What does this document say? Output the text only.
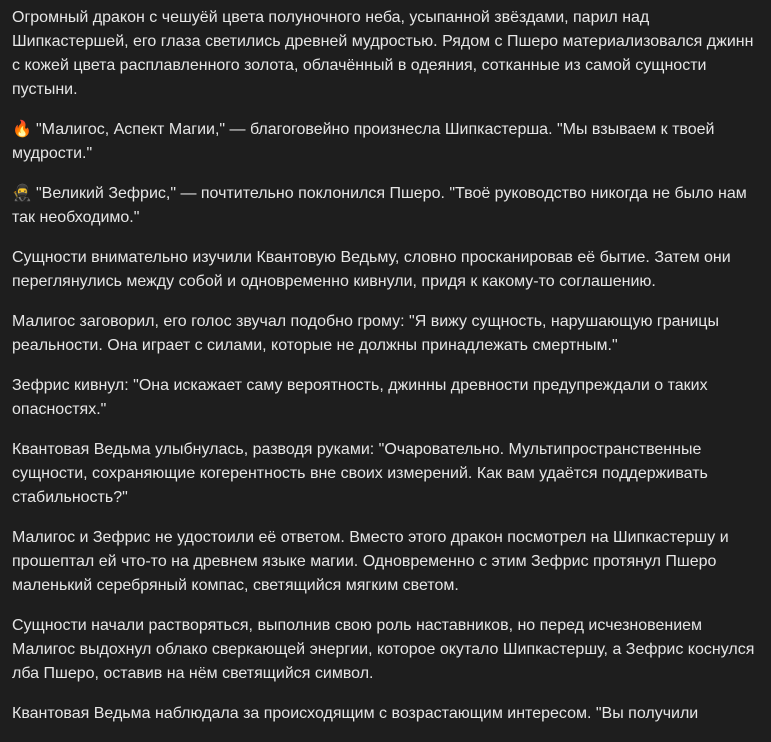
Огромный дракон с чешуёй цвета полуночного неба, усыпанной звёздами, парил над Шипкастершей, его глаза светились древней мудростью. Рядом с Пшеро материализовался джинн с кожей цвета расплавленного золота, облачённый в одеяния, сотканные из самой сущности пустыни.

🔥 "Малигос, Аспект Магии," — благоговейно произнесла Шипкастерша. "Мы взываем к твоей мудрости."

🥷 "Великий Зефрис," — почтительно поклонился Пшеро. "Твоё руководство никогда не было нам так необходимо."

Сущности внимательно изучили Квантовую Ведьму, словно просканировав её бытие. Затем они переглянулись между собой и одновременно кивнули, придя к какому-то соглашению.

Малигос заговорил, его голос звучал подобно грому: "Я вижу сущность, нарушающую границы реальности. Она играет с силами, которые не должны принадлежать смертным."

Зефрис кивнул: "Она искажает саму вероятность, джинны древности предупреждали о таких опасностях."

Квантовая Ведьма улыбнулась, разводя руками: "Очаровательно. Мультипространственные сущности, сохраняющие когерентность вне своих измерений. Как вам удаётся поддерживать стабильность?"

Малигос и Зефрис не удостоили её ответом. Вместо этого дракон посмотрел на Шипкастершу и прошептал ей что-то на древнем языке магии. Одновременно с этим Зефрис протянул Пшеро маленький серебряный компас, светящийся мягким светом.

Сущности начали растворяться, выполнив свою роль наставников, но перед исчезновением Малигос выдохнул облако сверкающей энергии, которое окутало Шипкастершу, а Зефрис коснулся лба Пшеро, оставив на нём светящийся символ.

Квантовая Ведьма наблюдала за происходящим с возрастающим интересом. "Вы получили
